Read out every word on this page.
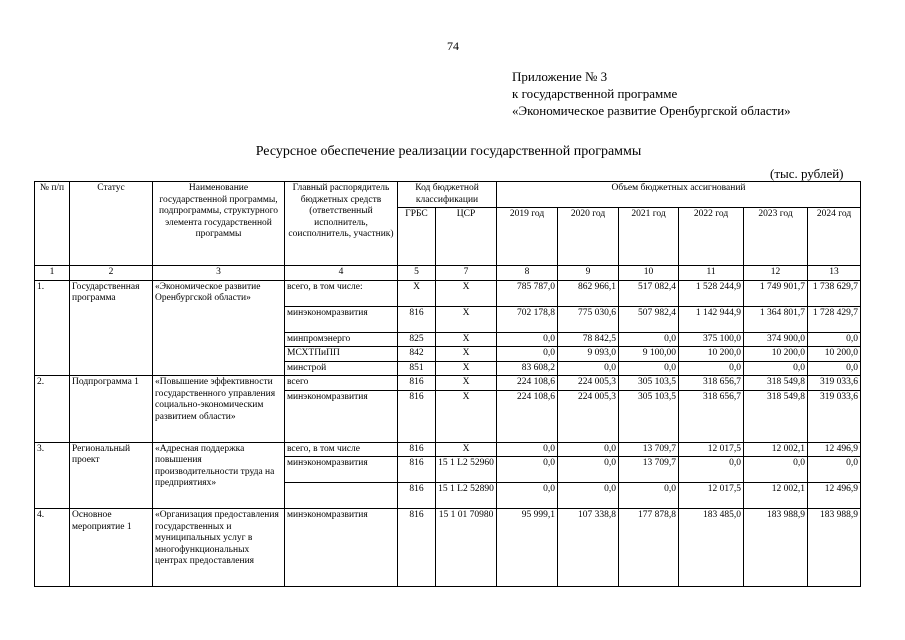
74
Приложение № 3
к государственной программе
«Экономическое развитие Оренбургской области»
Ресурсное обеспечение реализации государственной программы
(тыс. рублей)
№ п/п	Статус	Наименование государственной программы, подпрограммы, структурного элемента государственной программы	Главный распорядитель бюджетных средств (ответственный исполнитель, соисполнитель, участник)	Код бюджетной классификации		Объем бюджетных ассигнований					
				ГРБС	ЦСР	2019 год	2020 год	2021 год	2022 год	2023 год	2024 год
1	2	3	4	5	7	8	9	10	11	12	13
1.	Государственная программа	«Экономическое развитие Оренбургской области»	всего, в том числе:	X	X	785 787,0	862 966,1	517 082,4	1 528 244,9	1 749 901,7	1 738 629,7
			минэкономразвития	816	X	702 178,8	775 030,6	507 982,4	1 142 944,9	1 364 801,7	1 728 429,7
			минпромэнерго	825	X	0,0	78 842,5	0,0	375 100,0	374 900,0	0,0
			МСХТПиПП	842	X	0,0	9 093,0	9 100,00	10 200,0	10 200,0	10 200,0
			минстрой	851	X	83 608,2	0,0	0,0	0,0	0,0	0,0
2.	Подпрограмма 1	«Повышение эффективности государственного управления социально-экономическим развитием области»	всего	816	X	224 108,6	224 005,3	305 103,5	318 656,7	318 549,8	319 033,6
			минэкономразвития	816	X	224 108,6	224 005,3	305 103,5	318 656,7	318 549,8	319 033,6
3.	Региональный проект	«Адресная поддержка повышения производительности труда на предприятиях»	всего, в том числе	816	X	0,0	0,0	13 709,7	12 017,5	12 002,1	12 496,9
			минэкономразвития	816	15 1 L2 52960	0,0	0,0	13 709,7	0,0	0,0	0,0
				816	15 1 L2 52890	0,0	0,0	0,0	12 017,5	12 002,1	12 496,9
4.	Основное мероприятие 1	«Организация предоставления государственных и муниципальных услуг в многофункциональных центрах предоставления	минэкономразвития	816	15 1 01 70980	95 999,1	107 338,8	177 878,8	183 485,0	183 988,9	183 988,9
